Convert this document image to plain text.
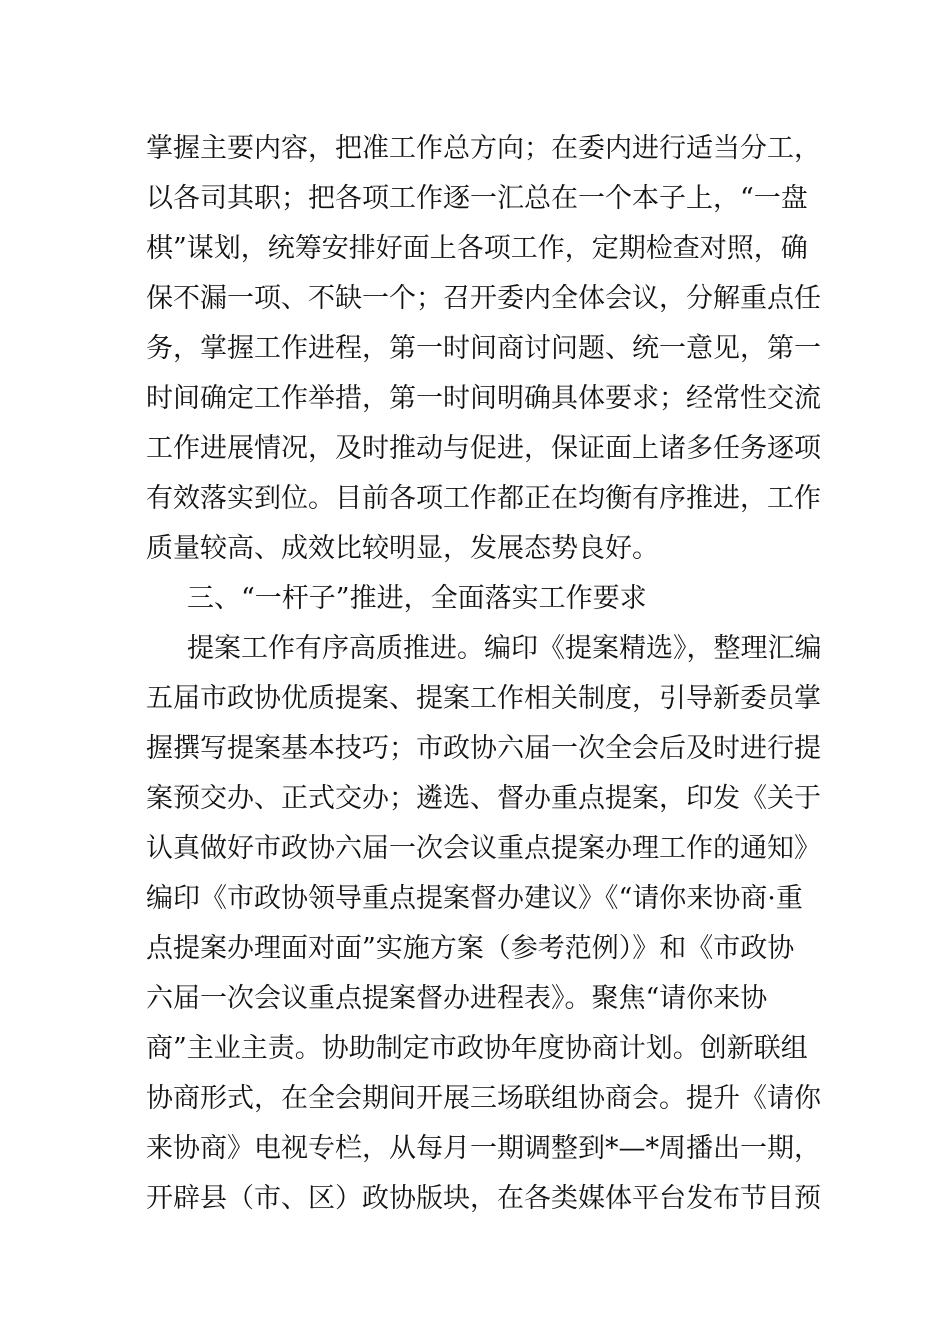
掌握主要内容，把准工作总方向；在委内进行适当分工，
以各司其职；把各项工作逐一汇总在一个本子上，“一盘
棋”谋划，统筹安排好面上各项工作，定期检查对照，确
保不漏一项、不缺一个；召开委内全体会议，分解重点任
务，掌握工作进程，第一时间商讨问题、统一意见，第一
时间确定工作举措，第一时间明确具体要求；经常性交流
工作进展情况，及时推动与促进，保证面上诸多任务逐项
有效落实到位。目前各项工作都正在均衡有序推进，工作
质量较高、成效比较明显，发展态势良好。
三、“一杆子”推进，全面落实工作要求
提案工作有序高质推进。编印《提案精选》，整理汇编
五届市政协优质提案、提案工作相关制度，引导新委员掌
握撰写提案基本技巧；市政协六届一次全会后及时进行提
案预交办、正式交办；遴选、督办重点提案，印发《关于
认真做好市政协六届一次会议重点提案办理工作的通知》
编印《市政协领导重点提案督办建议》《“请你来协商·重
点提案办理面对面”实施方案（参考范例）》和《市政协
六届一次会议重点提案督办进程表》。聚焦“请你来协
商”主业主责。协助制定市政协年度协商计划。创新联组
协商形式，在全会期间开展三场联组协商会。提升《请你
来协商》电视专栏，从每月一期调整到*—*周播出一期，
开辟县（市、区）政协版块，在各类媒体平台发布节目预
